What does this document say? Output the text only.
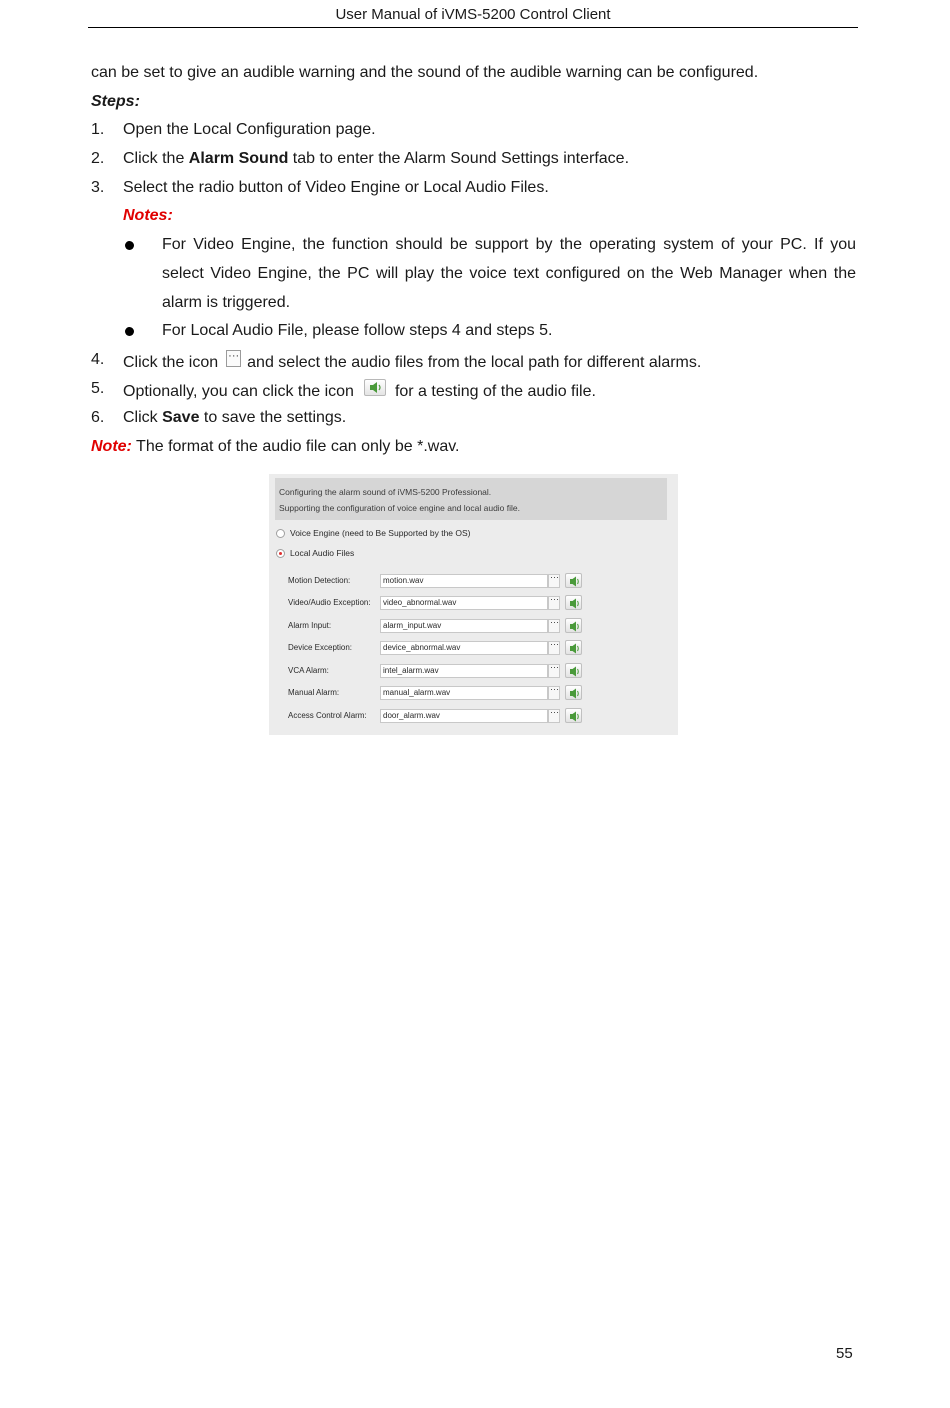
User Manual of iVMS-5200 Control Client
can be set to give an audible warning and the sound of the audible warning can be configured.
Steps:
1. Open the Local Configuration page.
2. Click the Alarm Sound tab to enter the Alarm Sound Settings interface.
3. Select the radio button of Video Engine or Local Audio Files.
Notes:
For Video Engine, the function should be support by the operating system of your PC. If you select Video Engine, the PC will play the voice text configured on the Web Manager when the alarm is triggered.
For Local Audio File, please follow steps 4 and steps 5.
4. Click the icon··· and select the audio files from the local path for different alarms.
5. Optionally, you can click the icon	for a testing of the audio file.
6. Click Save to save the settings.
Note: The format of the audio file can only be *.wav.
Configuring the alarm sound of iVMS-5200 Professional.
Supporting the configuration of voice engine and local audio file.
Voice Engine (need to Be Supported by the OS)
Local Audio Files
Motion Detection:	motion.wav
···
Video/Audio Exception:	video_abnormal.wav
···
Alarm Input:	alarm_input.wav
···
Device Exception:	device_abnormal.wav
···
VCA Alarm:	intel_alarm.wav
···
Manual Alarm:	manual_alarm.wav
···
Access Control Alarm:	door_alarm.wav
···
55
